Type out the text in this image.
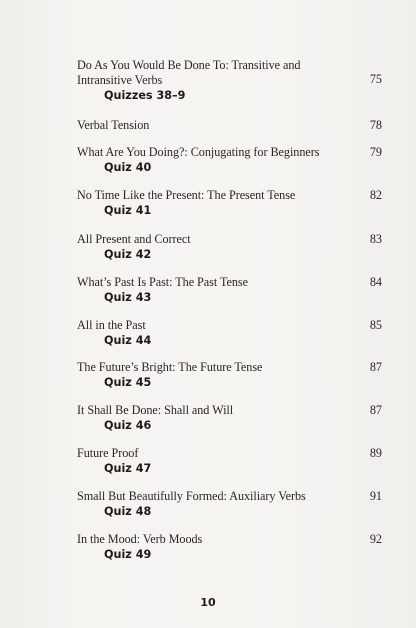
Do As You Would Be Done To: Transitive and Intransitive Verbs	75
Quizzes 38–9
Verbal Tension	78
What Are You Doing?: Conjugating for Beginners	79
Quiz 40
No Time Like the Present: The Present Tense	82
Quiz 41
All Present and Correct	83
Quiz 42
What’s Past Is Past: The Past Tense	84
Quiz 43
All in the Past	85
Quiz 44
The Future’s Bright: The Future Tense	87
Quiz 45
It Shall Be Done: Shall and Will	87
Quiz 46
Future Proof	89
Quiz 47
Small But Beautifully Formed: Auxiliary Verbs	91
Quiz 48
In the Mood: Verb Moods	92
Quiz 49
10
